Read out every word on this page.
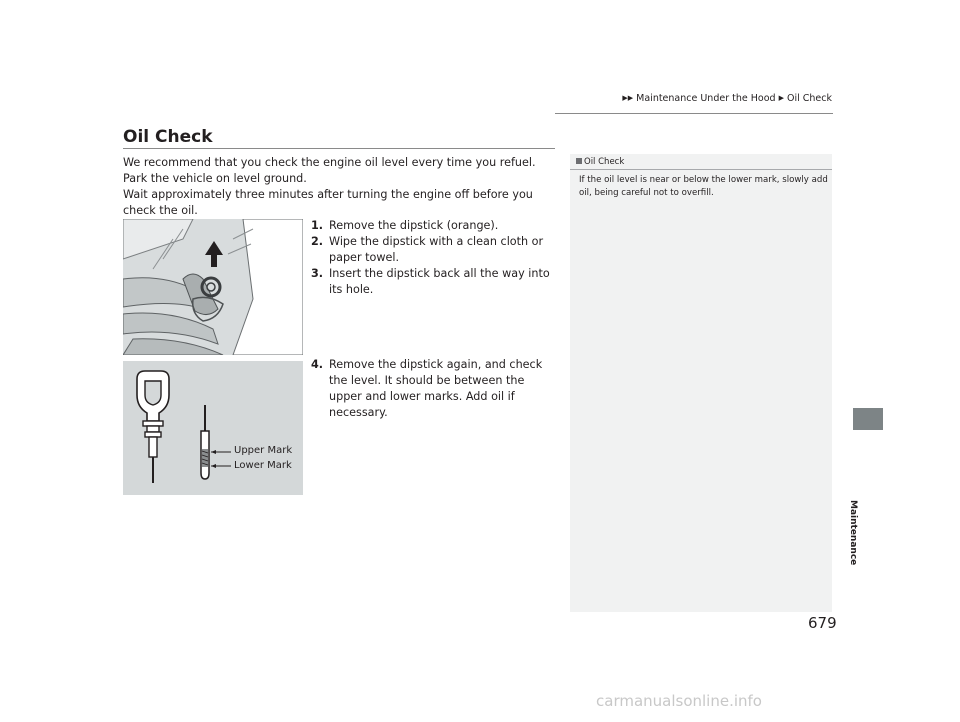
▶▶ Maintenance Under the Hood ▶ Oil Check
Maintenance
Oil Check

We recommend that you check the engine oil level every time you refuel.

Park the vehicle on level ground.

Wait approximately three minutes after turning the engine off before you check the oil.

1. Remove the dipstick (orange).
2. Wipe the dipstick with a clean cloth or paper towel.
3. Insert the dipstick back all the way into its hole.
Upper Mark
Lower Mark
4. Remove the dipstick again, and check the level. It should be between the upper and lower marks. Add oil if necessary.
Oil Check
If the oil level is near or below the lower mark, slowly add oil, being careful not to overfill.
679
carmanualsonline.info
